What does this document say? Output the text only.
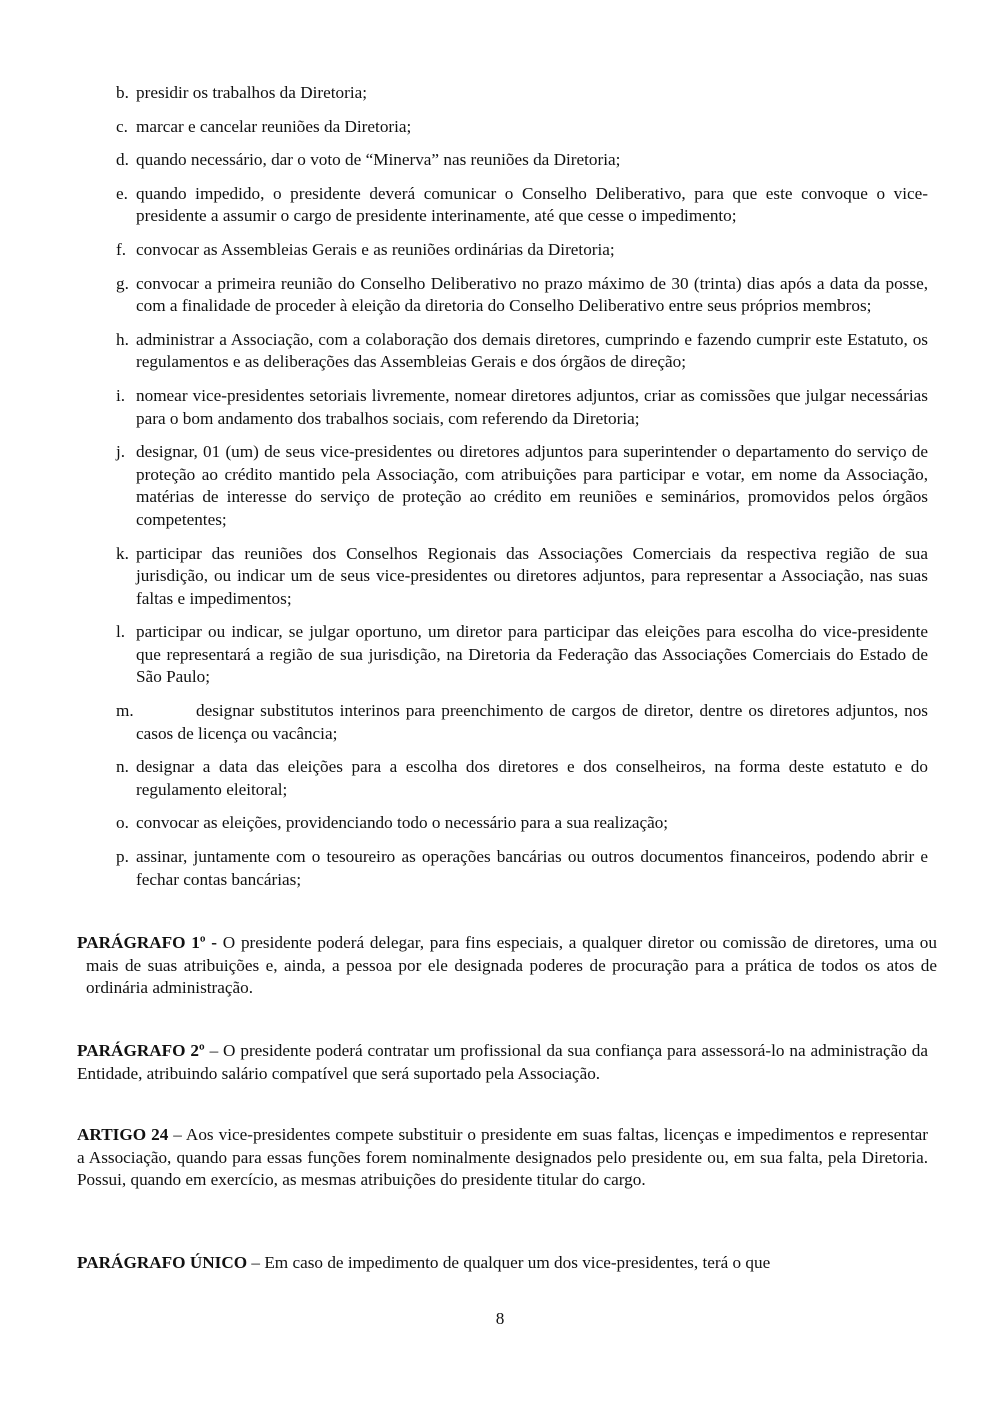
b. presidir os trabalhos da Diretoria;
c. marcar e cancelar reuniões da Diretoria;
d. quando necessário, dar o voto de “Minerva” nas reuniões da Diretoria;
e. quando impedido, o presidente deverá comunicar o Conselho Deliberativo, para que este convoque o vice-presidente a assumir o cargo de presidente interinamente, até que cesse o impedimento;
f. convocar as Assembleias Gerais e as reuniões ordinárias da Diretoria;
g. convocar a primeira reunião do Conselho Deliberativo no prazo máximo de 30 (trinta) dias após a data da posse, com a finalidade de proceder à eleição da diretoria do Conselho Deliberativo entre seus próprios membros;
h. administrar a Associação, com a colaboração dos demais diretores, cumprindo e fazendo cumprir este Estatuto, os regulamentos e as deliberações das Assembleias Gerais e dos órgãos de direção;
i. nomear vice-presidentes setoriais livremente, nomear diretores adjuntos, criar as comissões que julgar necessárias para o bom andamento dos trabalhos sociais, com referendo da Diretoria;
j. designar, 01 (um) de seus vice-presidentes ou diretores adjuntos para superintender o departamento do serviço de proteção ao crédito mantido pela Associação, com atribuições para participar e votar, em nome da Associação, matérias de interesse do serviço de proteção ao crédito em reuniões e seminários, promovidos pelos órgãos competentes;
k. participar das reuniões dos Conselhos Regionais das Associações Comerciais da respectiva região de sua jurisdição, ou indicar um de seus vice-presidentes ou diretores adjuntos, para representar a Associação, nas suas faltas e impedimentos;
l. participar ou indicar, se julgar oportuno, um diretor para participar das eleições para escolha do vice-presidente que representará a região de sua jurisdição, na Diretoria da Federação das Associações Comerciais do Estado de São Paulo;
m.	designar substitutos interinos para preenchimento de cargos de diretor, dentre os diretores adjuntos, nos casos de licença ou vacância;
n. designar a data das eleições para a escolha dos diretores e dos conselheiros, na forma deste estatuto e do regulamento eleitoral;
o. convocar as eleições, providenciando todo o necessário para a sua realização;
p. assinar, juntamente com o tesoureiro as operações bancárias ou outros documentos financeiros, podendo abrir e fechar contas bancárias;
PARÁGRAFO 1º - O presidente poderá delegar, para fins especiais, a qualquer diretor ou comissão de diretores, uma ou mais de suas atribuições e, ainda, a pessoa por ele designada poderes de procuração para a prática de todos os atos de ordinária administração.
PARÁGRAFO 2º – O presidente poderá contratar um profissional da sua confiança para assessorá-lo na administração da Entidade, atribuindo salário compatível que será suportado pela Associação.
ARTIGO 24 – Aos vice-presidentes compete substituir o presidente em suas faltas, licenças e impedimentos e representar a Associação, quando para essas funções forem nominalmente designados pelo presidente ou, em sua falta, pela Diretoria. Possui, quando em exercício, as mesmas atribuições do presidente titular do cargo.
PARÁGRAFO ÚNICO – Em caso de impedimento de qualquer um dos vice-presidentes, terá o que
8
